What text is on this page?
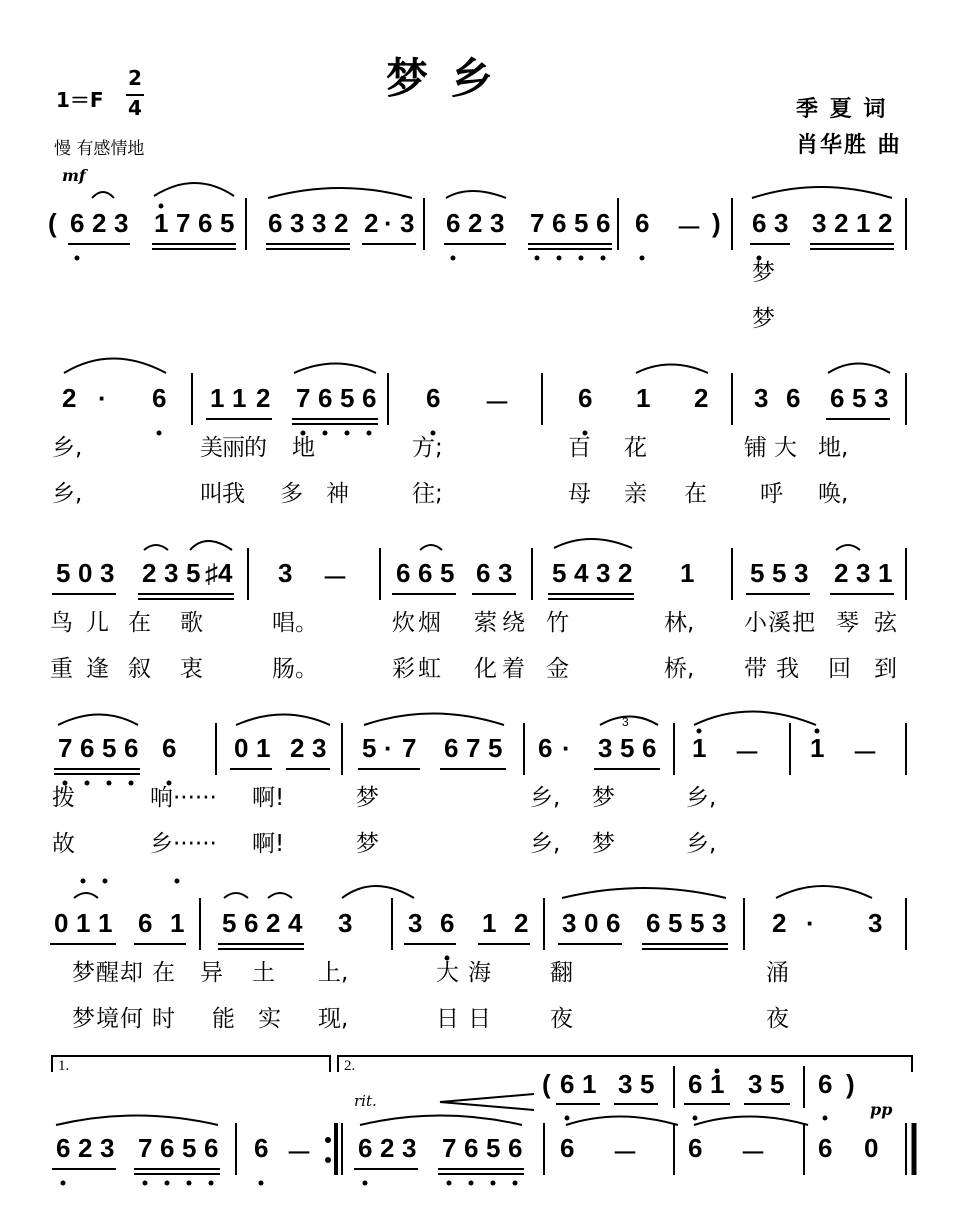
梦 乡
1＝F
2
4
慢 有感情地
季 夏 词
肖华胜 曲
mf
3
1.	2.
rit.	pp
( 6 2 3 1 7 6 5 6 3 3 2 2 · 3 6 2 3 7 6 5 6 6 － ) 6 3 3 2 1 2
梦
梦
2 · 6 1 1 2 7 6 5 6 6 －	6 1 2 3 6 6 5 3
乡,	美 丽 的 地	方;	百 花	铺 大 地,
乡,	叫 我 多 神	往;	母 亲 在 呼 唤,
5 0 3 2 3 5 ♯ 4 3 － 6 6 5 6 3 5 4 3 2 1 5 5 3 2 3 1
鸟 儿 在 歌	唱。	炊 烟 萦 绕 竹	林, 小 溪 把 琴 弦
重 逢 叙 衷	肠。	彩 虹 化 着 金	桥, 带 我 回 到
7 6 5 6 6 0 1 2 3 5 · 7 6 7 5 6 · 3 5 6 1 － 1 －
拨	响······ 啊!	梦	乡, 梦	乡,
故	乡······ 啊!	梦	乡, 梦	乡,
0 1 1 6 1 5 6 2 4 3 3 6 1 2 3 0 6 6 5 5 3 2 · 3
梦 醒 却 在 异 土 上,	大 海	翻	涌
梦 境 何 时 能 实 现,	日 日	夜	夜
6 2 3 7 6 5 6 6 － 6 2 3 7 6 5 6 6 － 6 － 6 0
( 6 1 3 5 6 1 3 5 6 )
